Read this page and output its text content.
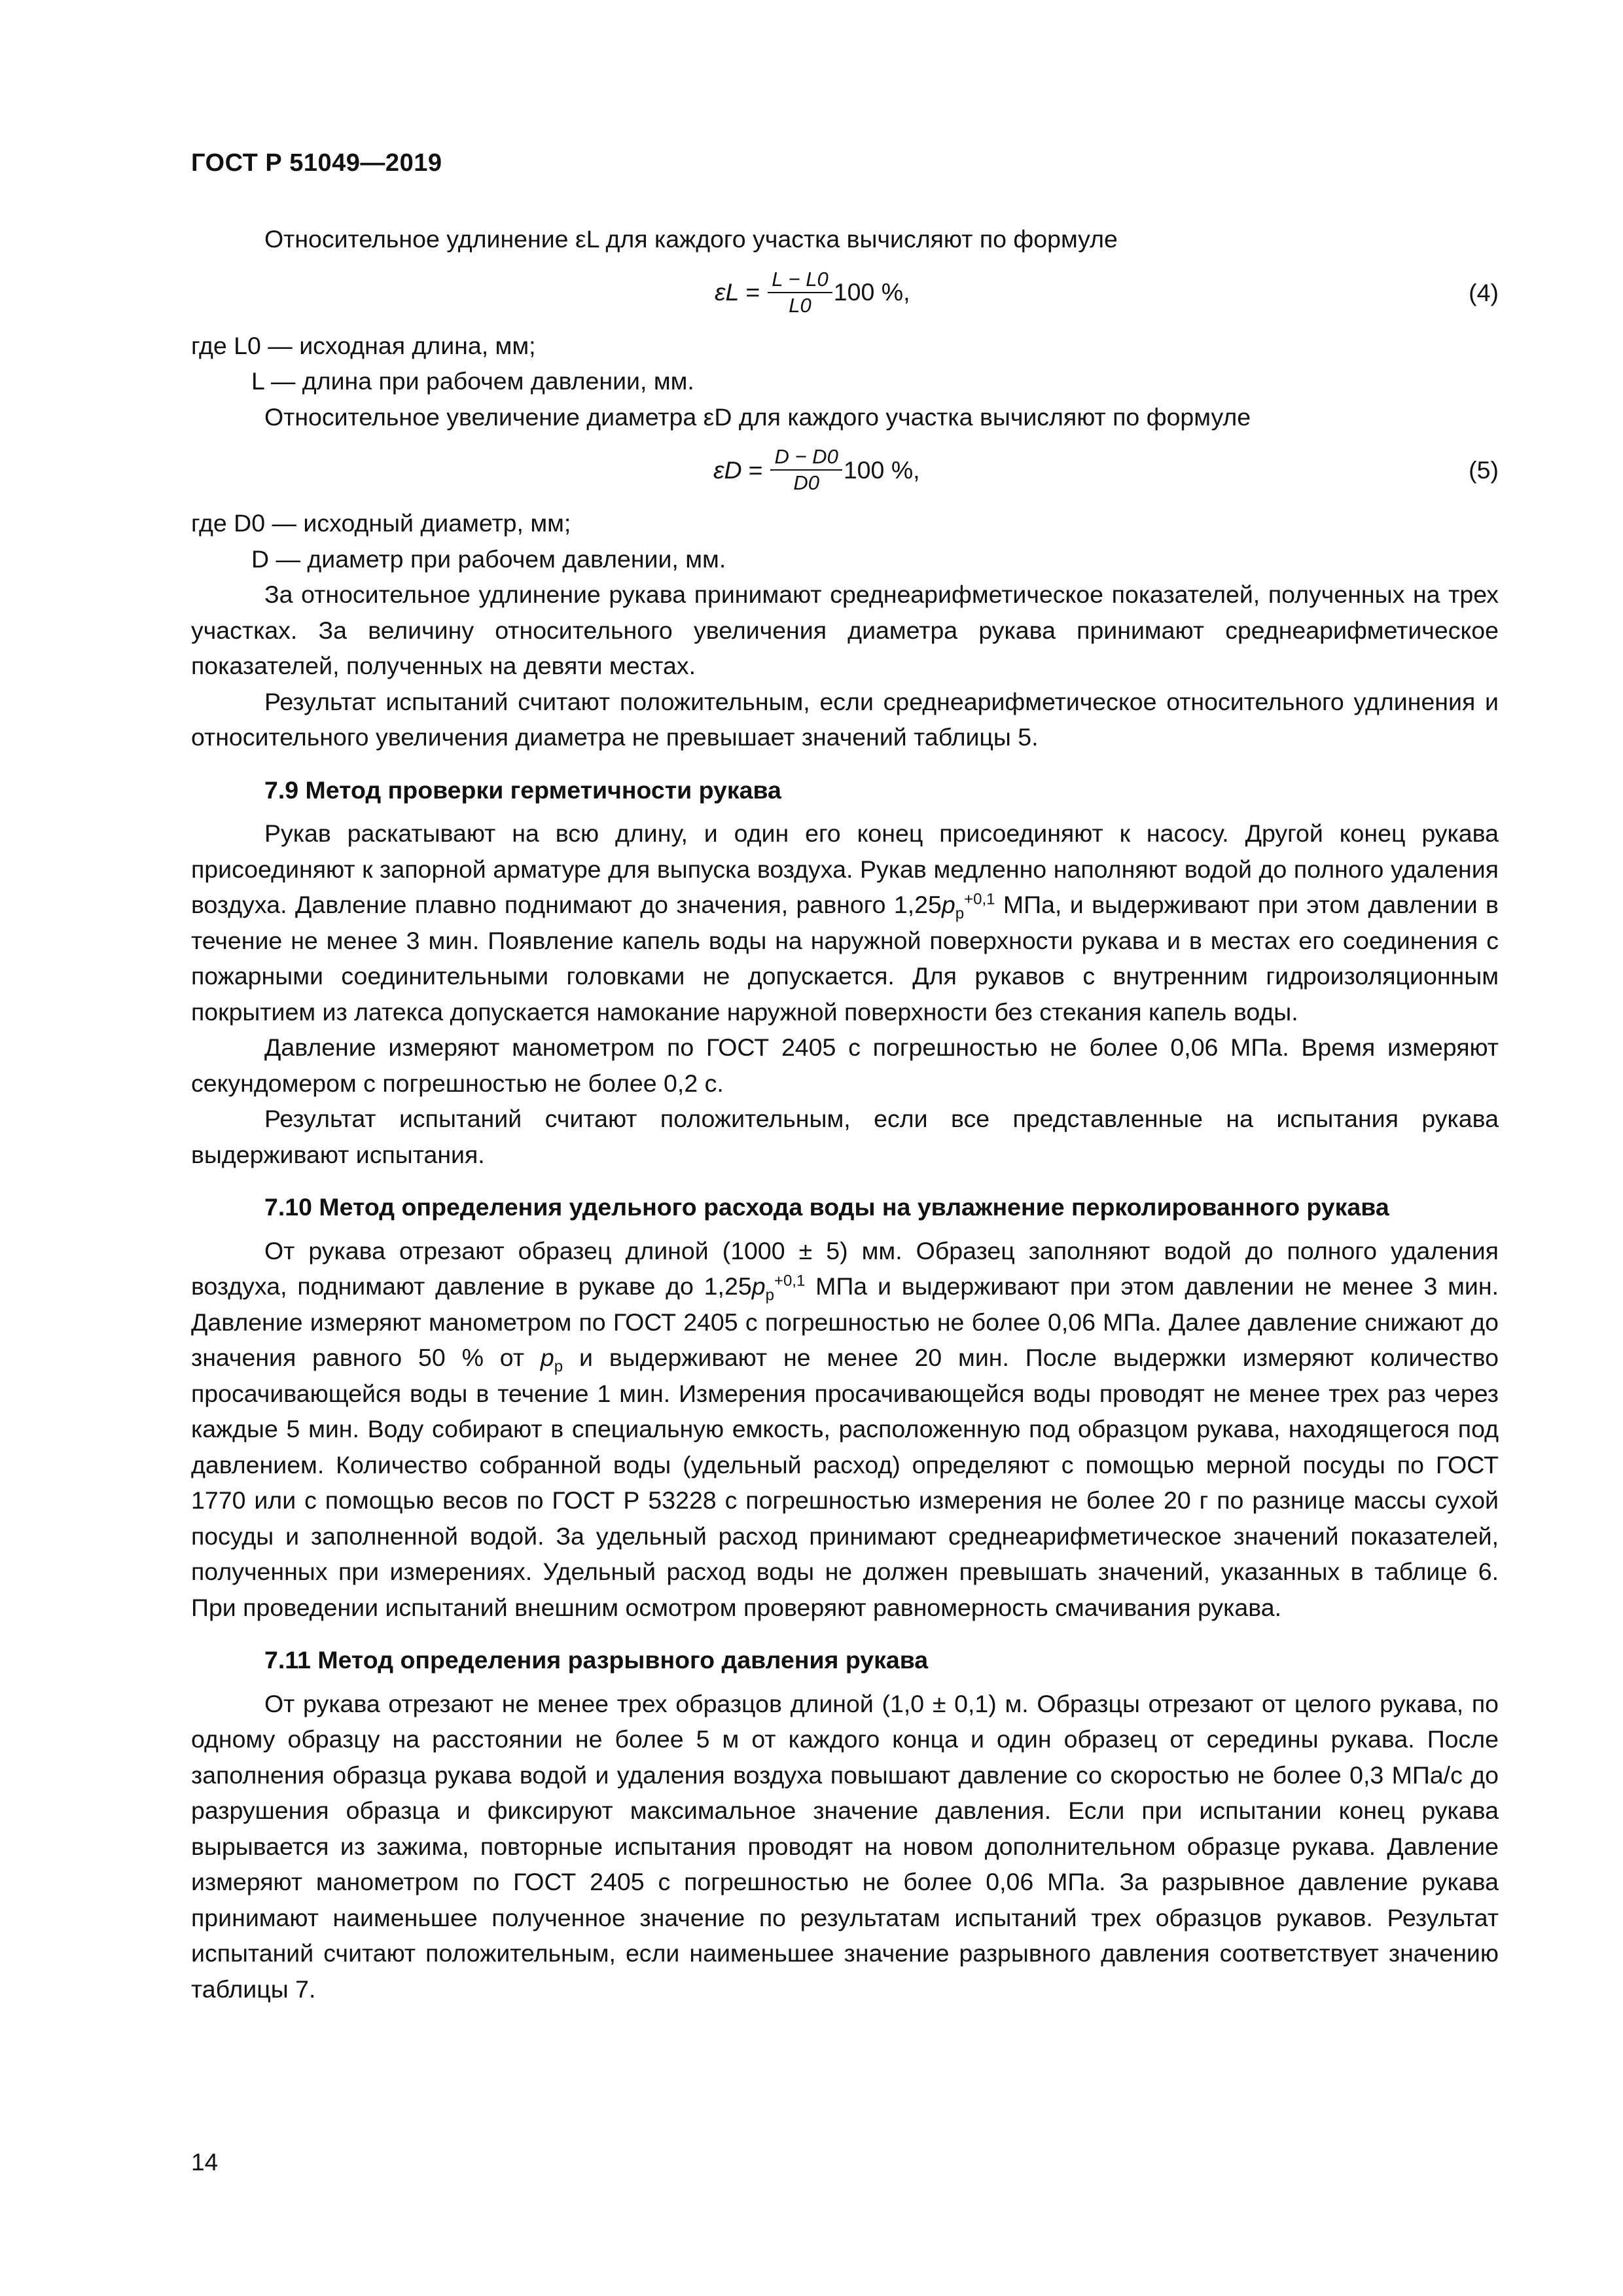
ГОСТ Р 51049—2019

Относительное удлинение εL для каждого участка вычисляют по формуле

$\varepsilon L = \frac{L - L0}{L0} 100$ %,	(4)

где L0 — исходная длина, мм;

L — длина при рабочем давлении, мм.

Относительное увеличение диаметра εD для каждого участка вычисляют по формуле

$\varepsilon D = \frac{D - D0}{D0} 100$ %,	(5)

где D0 — исходный диаметр, мм;

D — диаметр при рабочем давлении, мм.

За относительное удлинение рукава принимают среднеарифметическое показателей, полученных на трех участках. За величину относительного увеличения диаметра рукава принимают среднеарифметическое показателей, полученных на девяти местах.

Результат испытаний считают положительным, если среднеарифметическое относительного удлинения и относительного увеличения диаметра не превышает значений таблицы 5.

7.9 Метод проверки герметичности рукава

Рукав раскатывают на всю длину, и один его конец присоединяют к насосу. Другой конец рукава присоединяют к запорной арматуре для выпуска воздуха. Рукав медленно наполняют водой до полного удаления воздуха. Давление плавно поднимают до значения, равного $1,25p_р^{+0,1}$ МПа, и выдерживают при этом давлении в течение не менее 3 мин. Появление капель воды на наружной поверхности рукава и в местах его соединения с пожарными соединительными головками не допускается. Для рукавов с внутренним гидроизоляционным покрытием из латекса допускается намокание наружной поверхности без стекания капель воды.

Давление измеряют манометром по ГОСТ 2405 с погрешностью не более 0,06 МПа. Время измеряют секундомером с погрешностью не более 0,2 с.

Результат испытаний считают положительным, если все представленные на испытания рукава выдерживают испытания.

7.10 Метод определения удельного расхода воды на увлажнение перколированного рукава

От рукава отрезают образец длиной (1000 ± 5) мм. Образец заполняют водой до полного удаления воздуха, поднимают давление в рукаве до $1,25p_р^{+0,1}$ МПа и выдерживают при этом давлении не менее 3 мин. Давление измеряют манометром по ГОСТ 2405 с погрешностью не более 0,06 МПа. Далее давление снижают до значения равного 50 % от $p_р$ и выдерживают не менее 20 мин. После выдержки измеряют количество просачивающейся воды в течение 1 мин. Измерения просачивающейся воды проводят не менее трех раз через каждые 5 мин. Воду собирают в специальную емкость, расположенную под образцом рукава, находящегося под давлением. Количество собранной воды (удельный расход) определяют с помощью мерной посуды по ГОСТ 1770 или с помощью весов по ГОСТ Р 53228 с погрешностью измерения не более 20 г по разнице массы сухой посуды и заполненной водой. За удельный расход принимают среднеарифметическое значений показателей, полученных при измерениях. Удельный расход воды не должен превышать значений, указанных в таблице 6. При проведении испытаний внешним осмотром проверяют равномерность смачивания рукава.

7.11 Метод определения разрывного давления рукава

От рукава отрезают не менее трех образцов длиной (1,0 ± 0,1) м. Образцы отрезают от целого рукава, по одному образцу на расстоянии не более 5 м от каждого конца и один образец от середины рукава. После заполнения образца рукава водой и удаления воздуха повышают давление со скоростью не более 0,3 МПа/с до разрушения образца и фиксируют максимальное значение давления. Если при испытании конец рукава вырывается из зажима, повторные испытания проводят на новом дополнительном образце рукава. Давление измеряют манометром по ГОСТ 2405 с погрешностью не более 0,06 МПа. За разрывное давление рукава принимают наименьшее полученное значение по результатам испытаний трех образцов рукавов. Результат испытаний считают положительным, если наименьшее значение разрывного давления соответствует значению таблицы 7.

14
